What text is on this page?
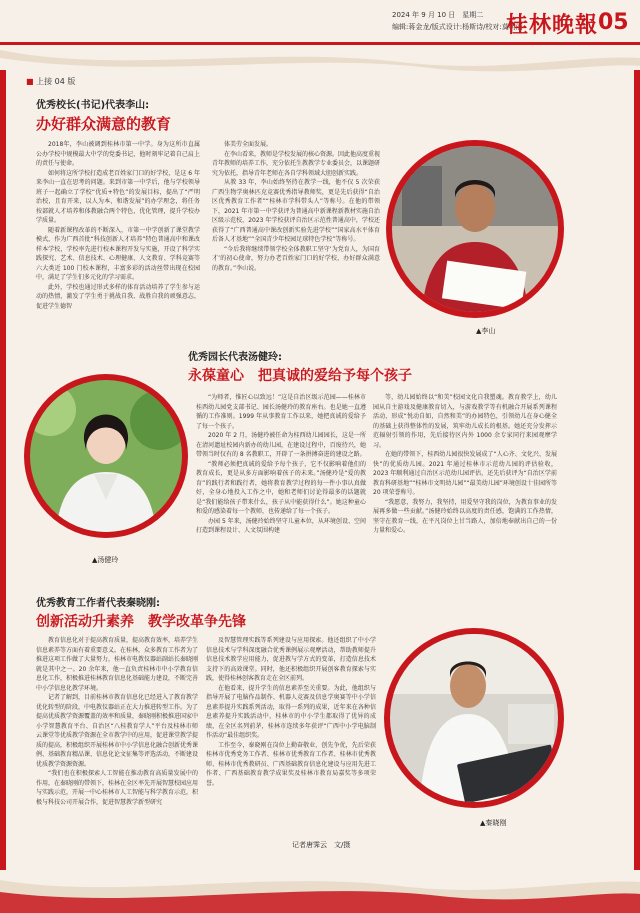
2024 年 9 月 10 日　星期二
编辑:蒋金龙/版式设计:杨斯诗/校对:莫明丽
桂林晚報 05
■ 上接 04 版
优秀校长(书记)代表李山:
办好群众满意的教育

2018年，李山被调到桂林市第一中学。身为这所市直属公办学校中规模最大中学的党委书记，他时刻牢记着自己肩上的责任与使命。

如何将这所学校打造成老百姓家门口的好学校，是这 6 年来李山一直在思考的问题。来到市第一中学后，他与学校领导班子一起确立了学校“优质+特色”的发展目标，提出了“严明治校，且育开来，以人为本，和谐发展”的办学理念，将任务按部就人才培养和体教融合两个特色，优化管理，提升学校办学质量。

随着新课程改革的不断深入，市第一中学创新了课堂教学模式，作为广西首批“科技创新人才培养”特色普通高中和课改样本学校，学校率先进行校本课程开发与实施，开设了科学实践探究、艺术、信息技术、心理健康、人文教育、学科竞赛等六大类近 100 门校本课程，丰富多彩的活动丝带出现在校园中，满足了学生们多元化的学习需求。

此外，学校也通过形式多样的体育活动培养了学生参与运动的热情，激发了学生勇于挑战自我、战胜自我的顽强意志，促进学生德智

体美劳全面发展。

在李山看来，教师是学校发展的核心资源。因此他高度重视青年教师的培养工作，充分依托生教教学专业委员会，以课题研究为依托，指导青年老师在各自学科领域大胆创新实践。

从教 33 年，李山始终坚持在教学一线，他不仅 5 次荣获广西生物学奥林匹克竞赛优秀指导教师奖，更是先后获得“自治区优秀教育工作者”“桂林市学科带头人”等称号。在他的带领下，2021 年市第一中学获评为普通高中新课程新教材实施自治区级示范校，2023 年学校获评自治区示范性普通高中，学校还获得了“广西普通高中课改创新实验先进学校”“国家高水平体育后备人才基地”“全国青少年校园足球特色学校”等称号。

“今后我将继续带领学校全体教职工坚守‘为党育人，为国育才’的初心使命，努力办老百姓家门口的好学校，办好群众满意的教育。”李山说。

▲李山
优秀园长代表汤健玲:
永葆童心　把真诚的爱给予每个孩子
▲汤健玲

“为师者，惟匠心以致远！”这是自治区级示范园——桂林市桂西幼儿园党支部书记、园长汤健玲的教育座右。也是她一直遵循的工作准则。1999 年从事教育工作以来，她把真诚的爱给予了每一个孩子。

2020 年 2 月，汤健玲被任命为桂西幼儿园园长，这是一所在清河遗址校园内新办的幼儿园，在建设过程中，百废待兴，她带领当时仅有的 8 名教职工，开辟了一条拼搏奋进的建设之路。

“教师必须把真诚的爱给予每个孩子，它不仅影响着他们的教育成长，更是从多方面影响着孩子的未来。”汤健玲是“爱的教育”的践行者和践行者，她将教育教学过程的每一件小事认真做好，全身心地投入工作之中，她和老师们讨论得最多的话题就是“我们能给孩子带来什么，孩子从中能获得什么”。她这种童心和爱的感染着每一个教师，也传递给了每一个孩子。

办园 5 年来，汤健玲始终坚守儿童本位，从环境创设、空间打造到课程设计、人文氛围构建

等，幼儿园始终以“和美”校园文化自我塑魂。教育教学上，幼儿园从自主游戏及健康教育切入，与游戏教学等有机融合开展系列课程活动，形成“悦动自如，自然和美”的办园特色，引领幼儿在身心健全的基础上获得整体性的发展，筑牢幼儿成长的根基。她还充分发挥示范辐射引领的作用，先后接待区内外 1000 余专家同行来园观摩学习。

在她的带领下，桂西幼儿园很快发展成了“人心齐、文化兴、发展快”的优质幼儿园。2021 年通过桂林市示范幼儿园的评估验收，2023 年顺利通过自治区示范幼儿园评估，还先后获评为“自治区学前教育科研基地”“桂林市文明幼儿园”“最美幼儿园”环境创设十佳园所等 20 项荣誉称号。

“我愿意，我努力，我坚持，用爱坚守我的岗位，为教育事业的发展再多做一些贡献。”汤健玲始终以高度的责任感，饱满的工作热情，坚守在教育一线，在平凡岗位上甘当路人，加倍地奉献出自己的一份力量和爱心。

优秀教育工作者代表秦晓刚:
创新活动升素养　教学改革争先锋

教育信息化对于提高教育质量，提高教育效率，培养学生信息素养等方面有着重要意义。在桂林，众多教育工作者为了推进这项工作做了大量努力，桂林市电教仪器站副站长秦晓刚就是其中之一。20 余年来，他一直负责桂林市中小学教育信息化工作，积极推进桂林教育信息化基础能力建设，不断完善中小学信息化教学环境。

记者了解到，目前桂林市教育信息化已经进入了教育教学优化转型的阶段，中电教仪器站正在大力推进转型工作。为了提高优质教学资源覆盖的效率和质量，秦晓刚积极推进国家中小学智慧教育平台、自治区“八桂教育学人”平台及桂林市师云课堂等优质教学资源在全市教学中的应用，促进课堂教学提质的提高，积极组织开展桂林市中小学信息化融合创新优秀课例、基础教育精品课、信息化论文征集等评选活动，不断建设优质教学资源资源。

“我们也在积极探索人工智能在推动教育高质量发展中的作用，在秦晓刚的带领下，桂林在全区率先开展智慧校园应用与实践示范，开展一中心桂林市人工智能与科学教育示范，积极与科技公司开展合作，促进智慧教学新型研究

及智慧管理实践等系列建设与应用探索。他还组织了中小学信息技术与学科深度融合优秀课例展示观摩活动，帮助教师提升信息技术教学应用能力，促进教与学方式的变革，打造信息技术支持下的高效课堂。同时，他还积极组织开展创客教育探索与实践，使得桂林创客教育走在全区前列。

在他看来，提升学生的信息素养至关重要。为此，他组织与指导开展了电脑作品制作、机器人竞赛及信息学奥赛等中小学信息素养提升实践系列活动，取得一系列的成果，近年来在各种信息素养提升实践活动中，桂林市的中小学生都取得了优异的成绩，在全区名列前茅，桂林市连续多年获评“广西中小学电脑制作活动”最佳组织奖。

工作至今，秦晓刚在岗位上勤奋敬业、创先争优，先后荣获桂林市优秀党务工作者、桂林市优秀教育工作者、桂林市优秀教师、桂林市优秀教研员、广西基础教育信息化建设与应用先进工作者、广西基础教育教学成果奖及桂林市教育局嘉奖等多项荣誉。

记者唐霁云　文/摄
▲秦晓刚
